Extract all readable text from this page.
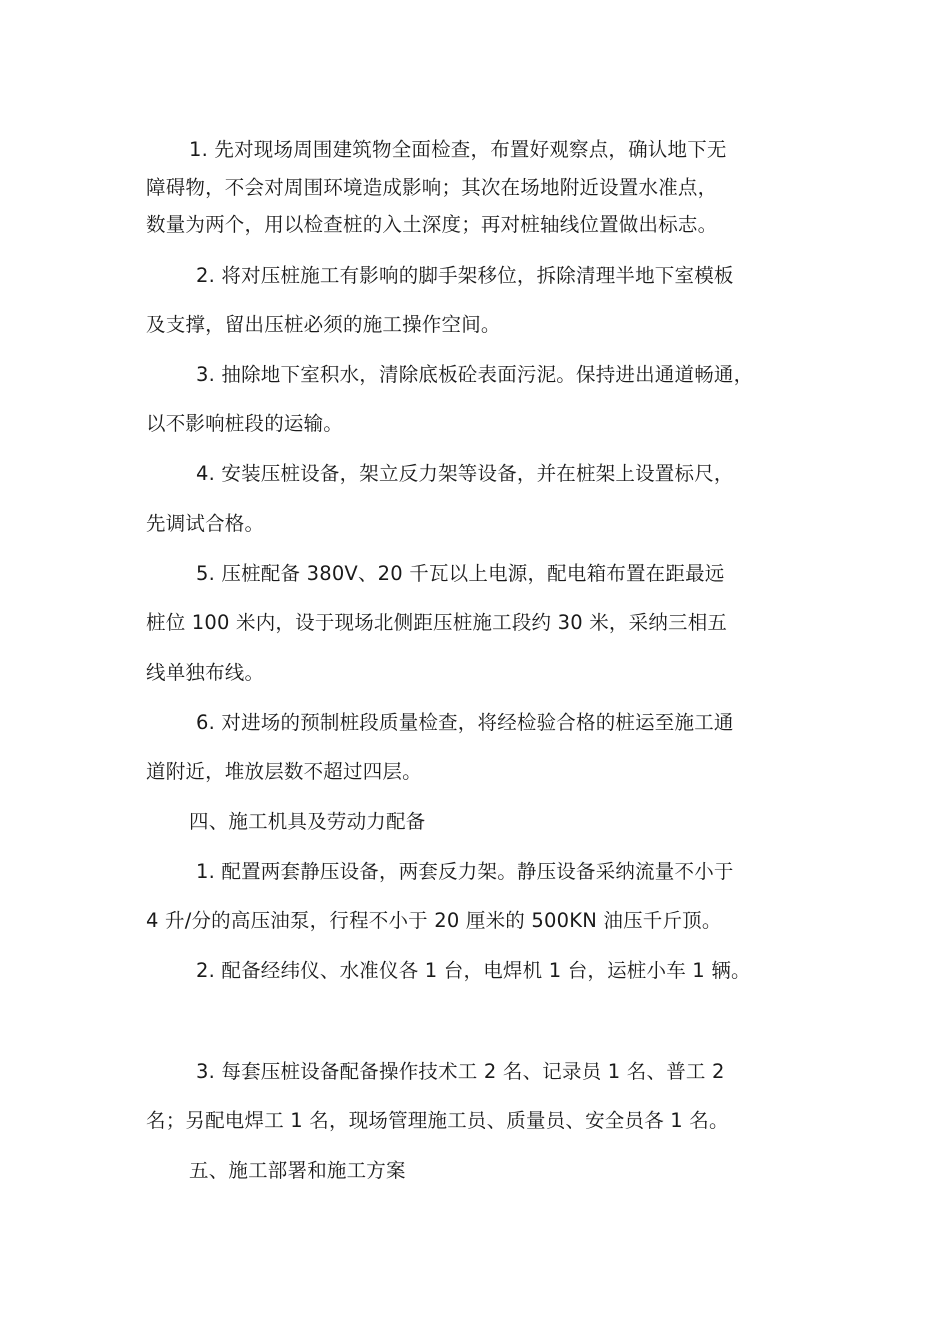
1. 先对现场周围建筑物全面检查，布置好观察点，确认地下无
障碍物，不会对周围环境造成影响；其次在场地附近设置水准点，
数量为两个，用以检查桩的入土深度；再对桩轴线位置做出标志。
2. 将对压桩施工有影响的脚手架移位，拆除清理半地下室模板
及支撑，留出压桩必须的施工操作空间。
3. 抽除地下室积水，清除底板砼表面污泥。保持进出通道畅通，
以不影响桩段的运输。
4. 安装压桩设备，架立反力架等设备，并在桩架上设置标尺，
先调试合格。
5. 压桩配备 380V、20 千瓦以上电源，配电箱布置在距最远
桩位 100 米内，设于现场北侧距压桩施工段约 30 米，采纳三相五
线单独布线。
6. 对进场的预制桩段质量检查，将经检验合格的桩运至施工通
道附近，堆放层数不超过四层。
四、施工机具及劳动力配备
1. 配置两套静压设备，两套反力架。静压设备采纳流量不小于
4 升/分的高压油泵，行程不小于 20 厘米的 500KN 油压千斤顶。
2. 配备经纬仪、水准仪各 1 台，电焊机 1 台，运桩小车 1 辆。
3. 每套压桩设备配备操作技术工 2 名、记录员 1 名、普工 2
名；另配电焊工 1 名，现场管理施工员、质量员、安全员各 1 名。
五、施工部署和施工方案
